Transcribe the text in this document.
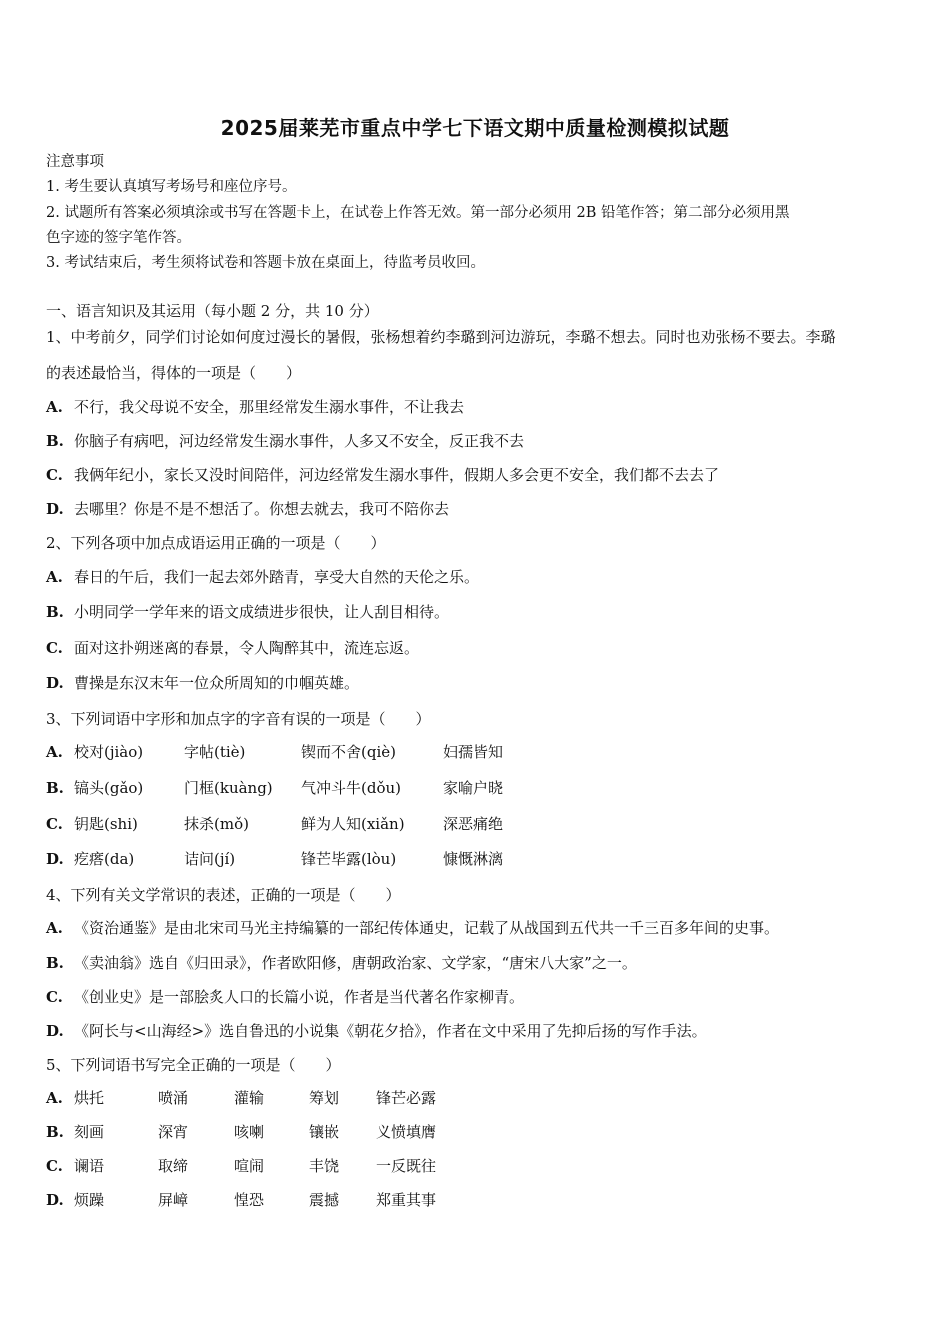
2025届莱芜市重点中学七下语文期中质量检测模拟试题
注意事项
1. 考生要认真填写考场号和座位序号。
2. 试题所有答案必须填涂或书写在答题卡上，在试卷上作答无效。第一部分必须用 2B 铅笔作答；第二部分必须用黑
色字迹的签字笔作答。
3. 考试结束后，考生须将试卷和答题卡放在桌面上，待监考员收回。
一、语言知识及其运用（每小题 2 分，共 10 分）
1、中考前夕，同学们讨论如何度过漫长的暑假，张杨想着约李璐到河边游玩，李璐不想去。同时也劝张杨不要去。李璐
的表述最恰当，得体的一项是（　　）
A. 不行，我父母说不安全，那里经常发生溺水事件，不让我去
B. 你脑子有病吧，河边经常发生溺水事件，人多又不安全，反正我不去
C. 我俩年纪小，家长又没时间陪伴，河边经常发生溺水事件，假期人多会更不安全，我们都不去去了
D. 去哪里？你是不是不想活了。你想去就去，我可不陪你去
2、下列各项中加点成语运用正确的一项是（　　）
A. 春日的午后，我们一起去郊外踏青，享受大自然的天伦之乐。
B. 小明同学一学年来的语文成绩进步很快，让人刮目相待。
C. 面对这扑朔迷离的春景，令人陶醉其中，流连忘返。
D. 曹操是东汉末年一位众所周知的巾帼英雄。
3、下列词语中字形和加点字的字音有误的一项是（　　）
A. 校对(jiào)	字帖(tiè)	锲而不舍(qiè)	妇孺皆知
B. 镐头(gǎo)	门框(kuàng) 气冲斗牛(dǒu)	家喻户晓
C. 钥匙(shi)	抹杀(mǒ)	鲜为人知(xiǎn)	深恶痛绝
D. 疙瘩(da)	诘问(jí)	锋芒毕露(lòu)	慷慨淋漓
4、下列有关文学常识的表述，正确的一项是（　　）
A. 《资治通鉴》是由北宋司马光主持编纂的一部纪传体通史，记载了从战国到五代共一千三百多年间的史事。
B. 《卖油翁》选自《归田录》，作者欧阳修，唐朝政治家、文学家，“唐宋八大家”之一。
C. 《创业史》是一部脍炙人口的长篇小说，作者是当代著名作家柳青。
D. 《阿长与<山海经>》选自鲁迅的小说集《朝花夕拾》，作者在文中采用了先抑后扬的写作手法。
5、下列词语书写完全正确的一项是（　　）
A. 烘托	喷涌	灌输	筹划 锋芒必露
B. 刻画	深宵	咳喇	镶嵌 义愤填膺
C. 谰语	取缔	喧闹	丰饶 一反既往
D. 烦躁	屏嶂	惶恐	震撼 郑重其事
